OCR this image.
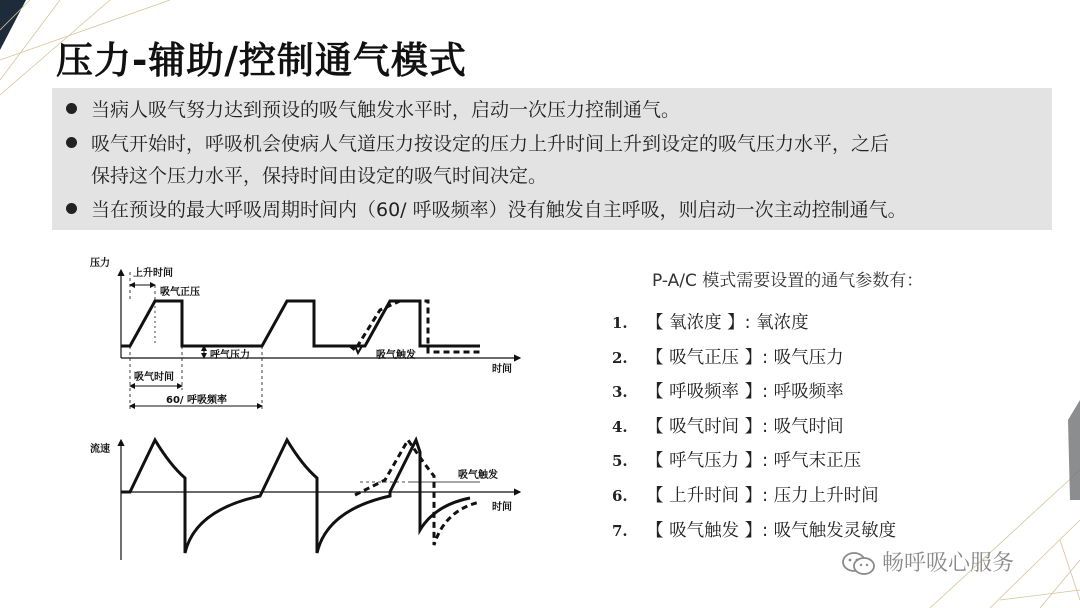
压力-辅助/控制通气模式
当病人吸气努力达到预设的吸气触发水平时，启动一次压力控制通气。
吸气开始时，呼吸机会使病人气道压力按设定的压力上升时间上升到设定的吸气压力水平，之后
保持这个压力水平，保持时间由设定的吸气时间决定。
当在预设的最大呼吸周期时间内（60/ 呼吸频率）没有触发自主呼吸，则启动一次主动控制通气。
压力
上升时间
吸气正压
呼气压力	吸气触发
时间
吸气时间
60/ 呼吸频率
流速
吸气触发
时间
P-A/C 模式需要设置的通气参数有：
1. 【 氧浓度 】: 氧浓度
2. 【 吸气正压 】: 吸气压力
3. 【 呼吸频率 】: 呼吸频率
4. 【 吸气时间 】: 吸气时间
5. 【 呼气压力 】: 呼气末正压
6. 【 上升时间 】: 压力上升时间
7. 【 吸气触发 】: 吸气触发灵敏度
畅呼吸心服务
